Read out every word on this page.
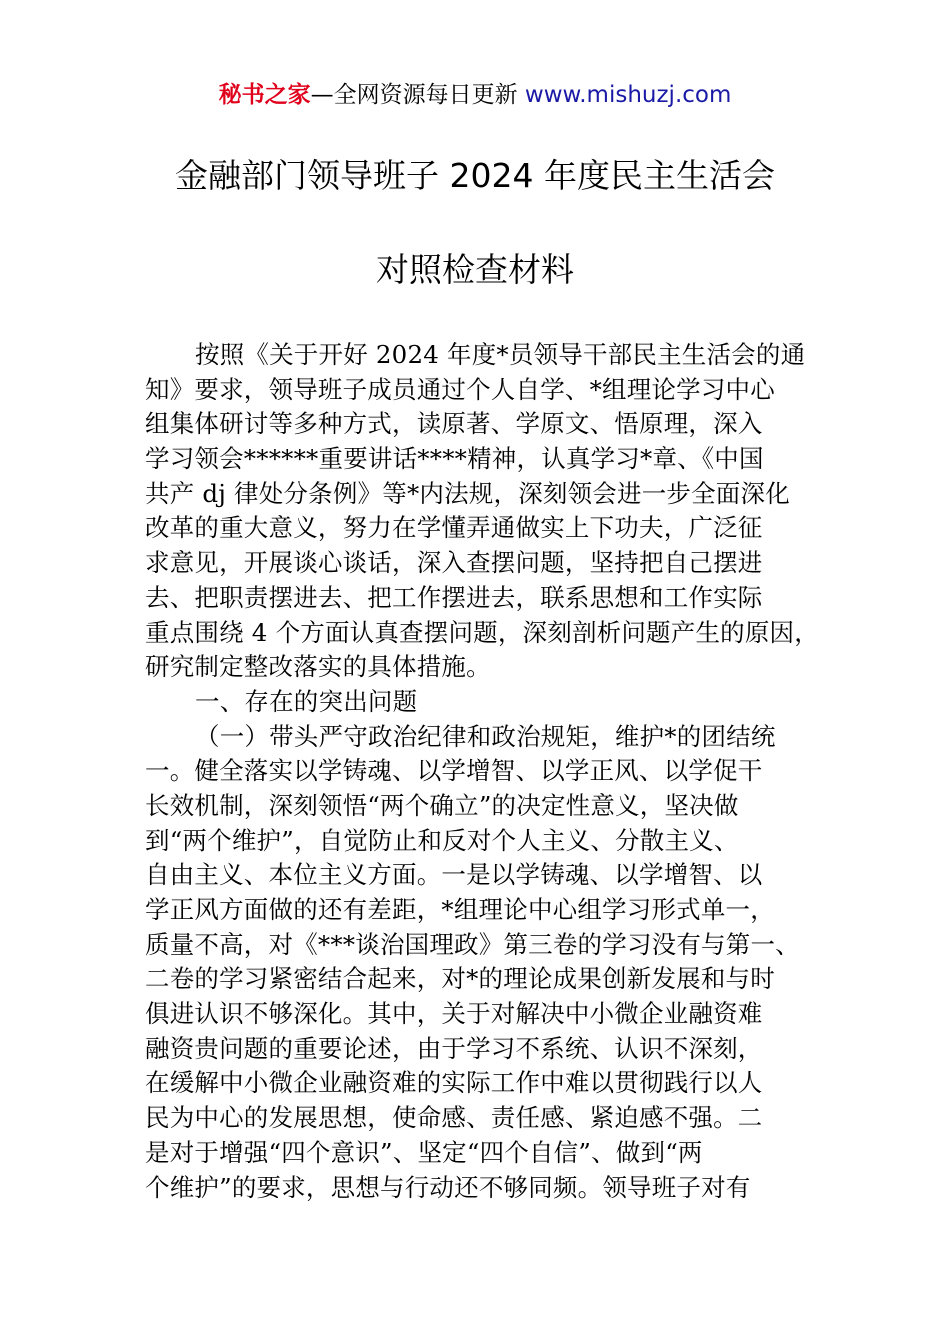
秘书之家—全网资源每日更新 www.mishuzj.com
金融部门领导班子 2024 年度民主生活会
对照检查材料
按照《关于开好 2024 年度*员领导干部民主生活会的通
知》要求，领导班子成员通过个人自学、*组理论学习中心
组集体研讨等多种方式，读原著、学原文、悟原理，深入
学习领会******重要讲话****精神，认真学习*章、《中国
共产 dj 律处分条例》等*内法规，深刻领会进一步全面深化
改革的重大意义，努力在学懂弄通做实上下功夫，广泛征
求意见，开展谈心谈话，深入查摆问题，坚持把自己摆进
去、把职责摆进去、把工作摆进去，联系思想和工作实际
重点围绕 4 个方面认真查摆问题，深刻剖析问题产生的原因，
研究制定整改落实的具体措施。
一、存在的突出问题
（一）带头严守政治纪律和政治规矩，维护*的团结统
一。健全落实以学铸魂、以学增智、以学正风、以学促干
长效机制，深刻领悟“两个确立”的决定性意义，坚决做
到“两个维护”，自觉防止和反对个人主义、分散主义、
自由主义、本位主义方面。一是以学铸魂、以学增智、以
学正风方面做的还有差距，*组理论中心组学习形式单一，
质量不高，对《***谈治国理政》第三卷的学习没有与第一、
二卷的学习紧密结合起来，对*的理论成果创新发展和与时
俱进认识不够深化。其中，关于对解决中小微企业融资难
融资贵问题的重要论述，由于学习不系统、认识不深刻，
在缓解中小微企业融资难的实际工作中难以贯彻践行以人
民为中心的发展思想，使命感、责任感、紧迫感不强。二
是对于增强“四个意识”、坚定“四个自信”、做到“两
个维护”的要求，思想与行动还不够同频。领导班子对有
